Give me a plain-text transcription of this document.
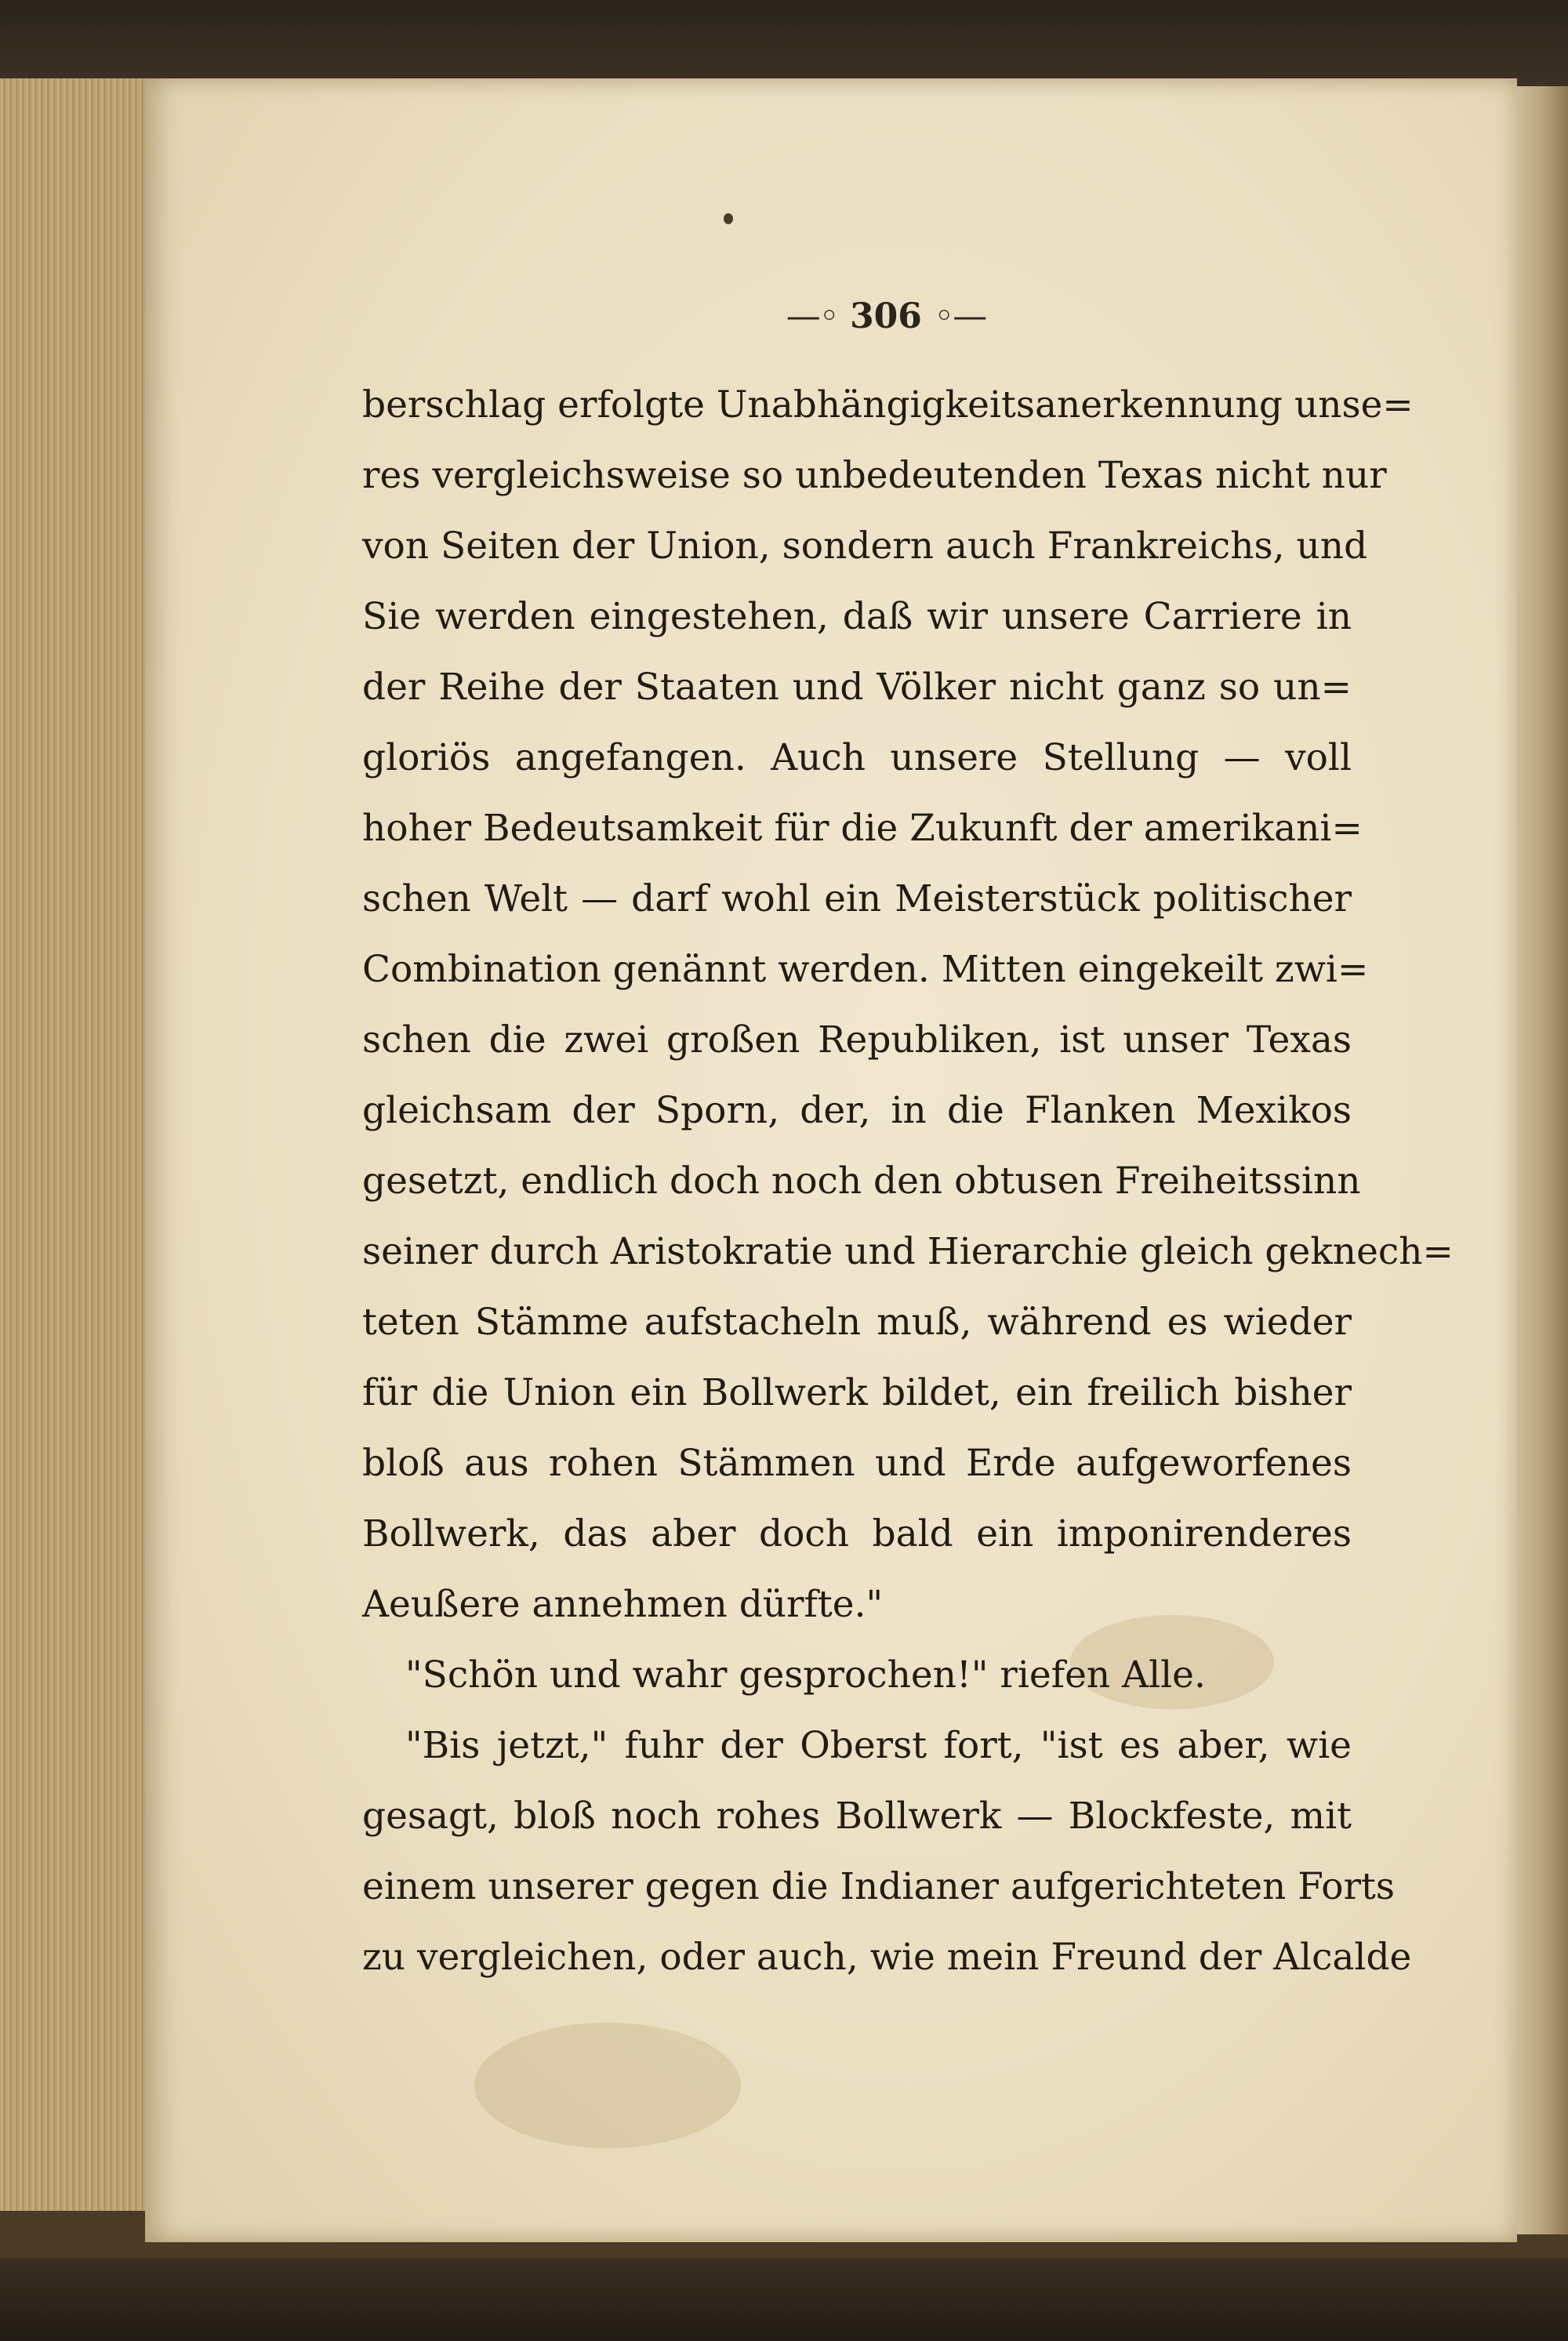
—◦ 306 ◦—
berschlag erfolgte Unabhängigkeitsanerkennung unse=
res vergleichsweise so unbedeutenden Texas nicht nur
von Seiten der Union, sondern auch Frankreichs, und
Sie werden eingestehen, daß wir unsere Carriere in
der Reihe der Staaten und Völker nicht ganz so un=
gloriös angefangen. Auch unsere Stellung — voll
hoher Bedeutsamkeit für die Zukunft der amerikani=
schen Welt — darf wohl ein Meisterstück politischer
Combination genännt werden. Mitten eingekeilt zwi=
schen die zwei großen Republiken, ist unser Texas
gleichsam der Sporn, der, in die Flanken Mexikos
gesetzt, endlich doch noch den obtusen Freiheitssinn
seiner durch Aristokratie und Hierarchie gleich geknech=
teten Stämme aufstacheln muß, während es wieder
für die Union ein Bollwerk bildet, ein freilich bisher
bloß aus rohen Stämmen und Erde aufgeworfenes
Bollwerk, das aber doch bald ein imponirenderes
Aeußere annehmen dürfte."
"Schön und wahr gesprochen!" riefen Alle.
"Bis jetzt," fuhr der Oberst fort, "ist es aber, wie
gesagt, bloß noch rohes Bollwerk — Blockfeste, mit
einem unserer gegen die Indianer aufgerichteten Forts
zu vergleichen, oder auch, wie mein Freund der Alcalde
